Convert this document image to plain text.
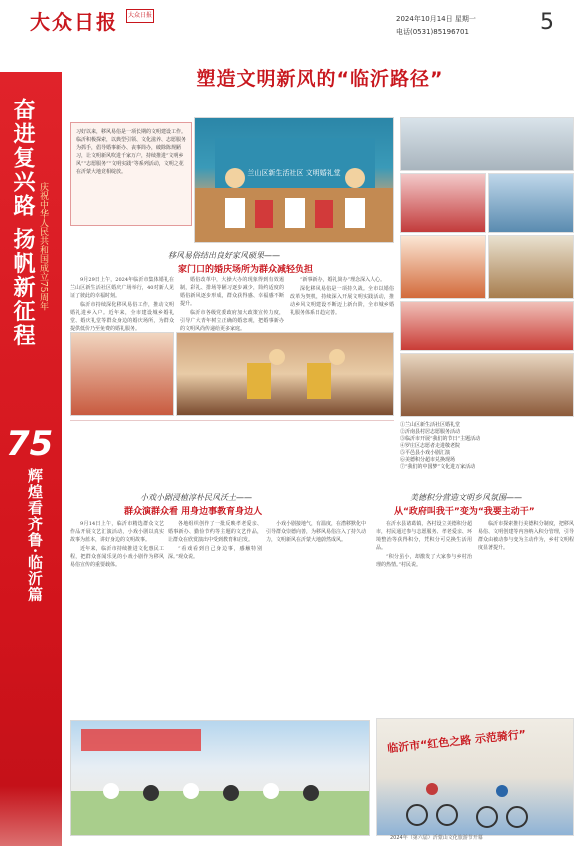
大众日报	大众日报	2024年10月14日 星期一
电话(0531)85196701	5
奋进复兴路 扬帆新征程 庆祝中华人民共和国成立75周年
75
辉煌看齐鲁·临沂篇
塑造文明新风的“临沂路径”
习好以来，移风易俗是一项长期的文明建设工作。临沂积极探索，以典型引领、文化滋养、志愿服务为抓手，倡导婚事新办、丧事简办，破除陈规陋习，让文明新风吹进千家万户，持续推进“文明乡风”“志愿服务”“文明实践”等系列活动，文明之花在沂蒙大地竞相绽放。	兰山区新生活社区 文明婚礼堂
移风易俗结出良好家风硕果——
家门口的婚庆场所为群众减轻负担

9月29日上午，2024年临沂市集体婚礼在兰山区新生活社区婚庆广场举行，40对新人见证了彼此的幸福时刻。

临沂市持续深化移风易俗工作，推动文明婚礼进乡入户。近年来，全市建设城乡婚礼堂、婚庆礼堂等群众身边的婚庆场所，为群众提供低价乃至免费的婚礼服务。

婚俗改革中，大操大办的现象得到有效遏制，彩礼、排场等陋习逐步减少，简约适度的婚俗新风逐步形成，群众获得感、幸福感不断提升。

临沂市各级党委政府加大政策宣传力度，引导广大青年树立正确的婚恋观，把婚事新办的文明风尚传递给更多家庭。

“新事新办，婚礼简办”理念深入人心。

深化移风易俗是一项持久战。全市以婚俗改革为契机，持续深入开展文明实践活动，推动乡风文明建设不断迈上新台阶，全市城乡婚礼服务体系日趋完善。

①兰山区新生活社区婚礼堂
②沂南县村居志愿服务活动
③临沂市开展“我们的节日”主题活动
④罗庄区志愿者走进敬老院
⑤平邑县小戏小剧汇演
⑥美德积分超市兑换现场
⑦“我们的中国梦”文化进万家活动
小戏小剧浸植淳朴民风沃土——
群众演群众看 用身边事教育身边人

9月14日上午，临沂市精选群众文艺作品开展文艺汇演活动，小戏小剧以真实故事为蓝本，讲好身边的文明故事。

近年来，临沂市持续推进文化惠民工程，把群众喜闻乐见的小戏小剧作为移风易俗宣传的重要载体。

各地组织创作了一批反映孝老爱亲、婚事新办、勤俭节约等主题的文艺作品，让群众在欣赏演出中受到教育和启发。

“看戏看到自己身边事，感触特别深。”观众说。

小戏小剧接地气，有温度，在潜移默化中引导群众崇德向善，为移风易俗注入了持久动力，文明新风在沂蒙大地蔚然成风。

美德积分营造文明乡风氛围——
从“政府叫我干”变为“我要主动干”

在沂水县诸葛镇，各村设立美德积分超市，村民通过参与志愿服务、孝老爱亲、环境整治等获得积分，凭积分可兑换生活用品。

“积分虽小，却激发了大家参与乡村治理的热情。”村民说。

临沂市探索推行美德积分制度，把移风易俗、文明创建等内容纳入积分管理，引导群众由被动参与变为主动作为，乡村文明程度显著提升。

临沂市“红色之路 示范骑行”
2024年（第六届）沂蒙山文化旅游节开幕
